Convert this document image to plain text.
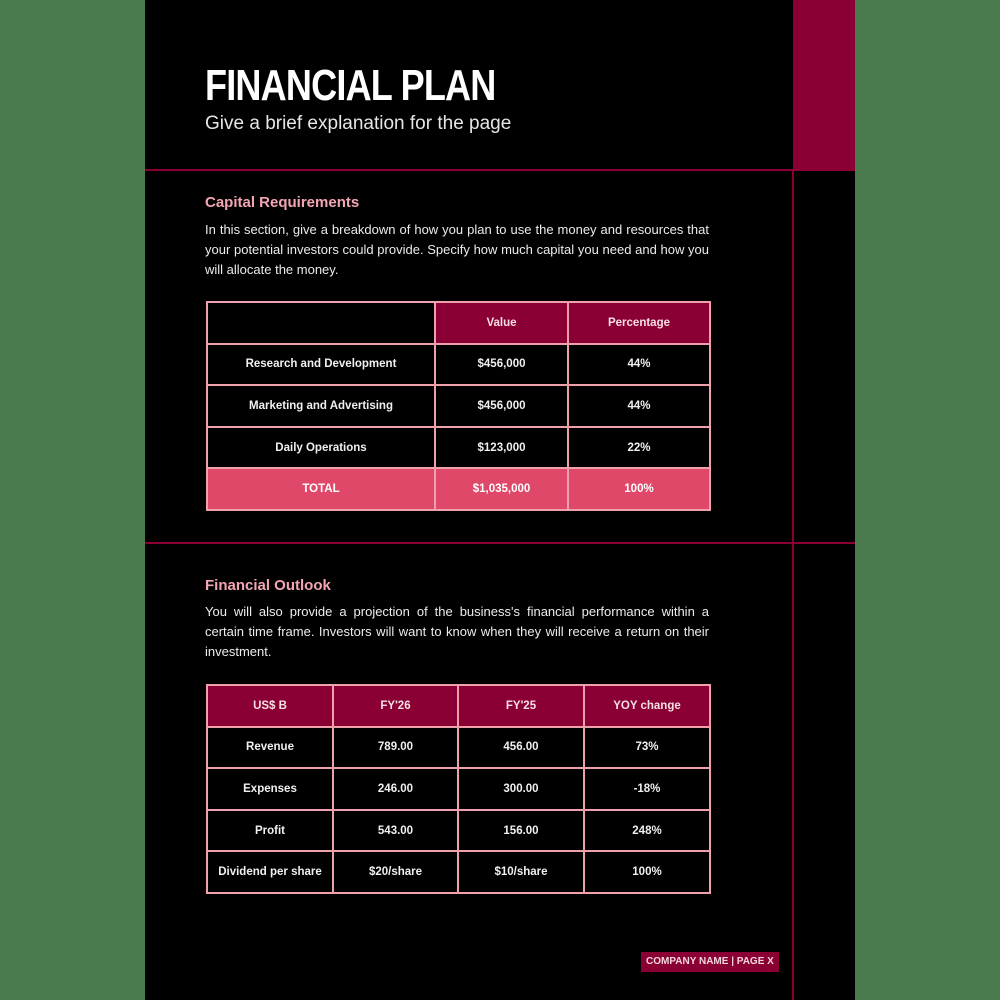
FINANCIAL PLAN
Give a brief explanation for the page
Capital Requirements

In this section, give a breakdown of how you plan to use the money and resources that your potential investors could provide. Specify how much capital you need and how you will allocate the money.

	Value	Percentage
Research and Development	$456,000	44%
Marketing and Advertising	$456,000	44%
Daily Operations	$123,000	22%
TOTAL	$1,035,000	100%
Financial Outlook

You will also provide a projection of the business's financial performance within a certain time frame. Investors will want to know when they will receive a return on their investment.

US$ B	FY'26	FY'25	YOY change
Revenue	789.00	456.00	73%
Expenses	246.00	300.00	-18%
Profit	543.00	156.00	248%
Dividend per share	$20/share	$10/share	100%
COMPANY NAME | PAGE X
